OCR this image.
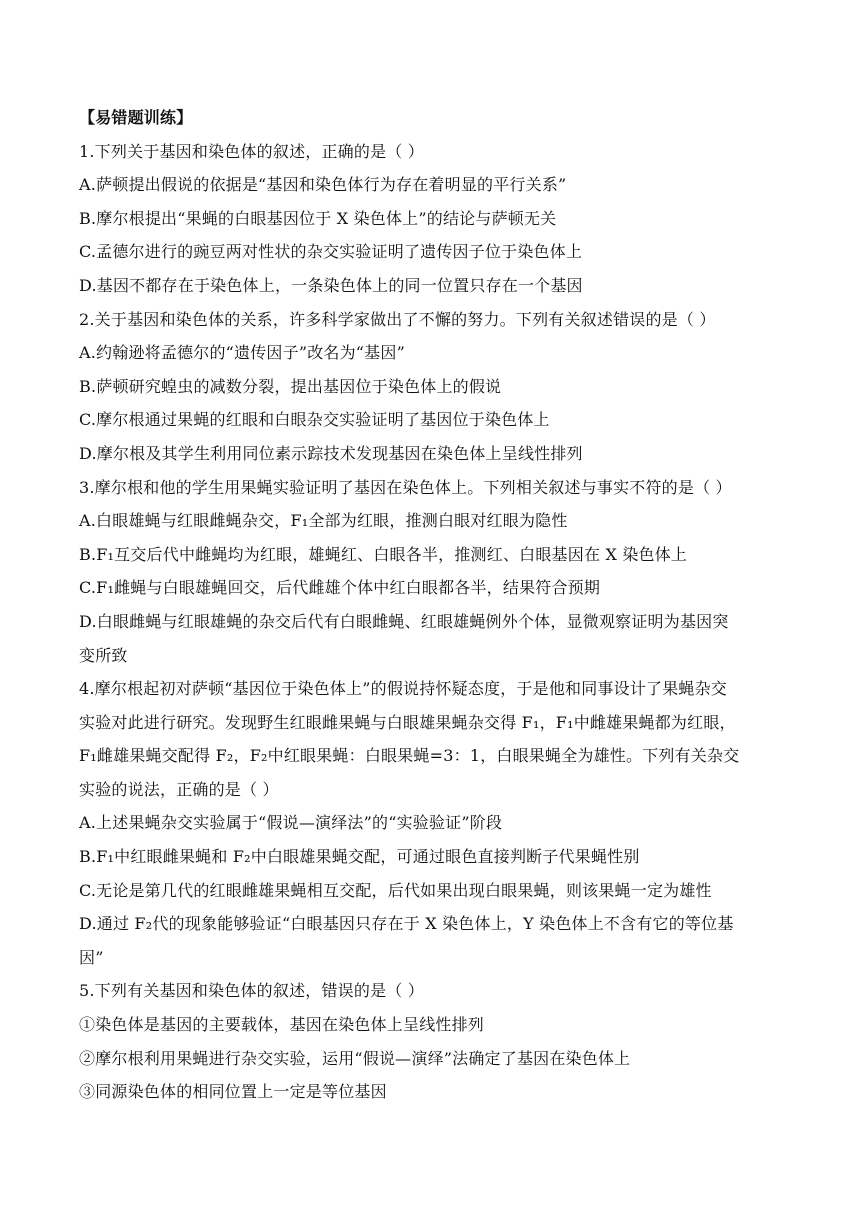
【易错题训练】
1.下列关于基因和染色体的叙述，正确的是（ ）
A.萨顿提出假说的依据是“基因和染色体行为存在着明显的平行关系”
B.摩尔根提出“果蝇的白眼基因位于 X 染色体上”的结论与萨顿无关
C.孟德尔进行的豌豆两对性状的杂交实验证明了遗传因子位于染色体上
D.基因不都存在于染色体上，一条染色体上的同一位置只存在一个基因
2.关于基因和染色体的关系，许多科学家做出了不懈的努力。下列有关叙述错误的是（ ）
A.约翰逊将孟德尔的“遗传因子”改名为“基因”
B.萨顿研究蝗虫的减数分裂，提出基因位于染色体上的假说
C.摩尔根通过果蝇的红眼和白眼杂交实验证明了基因位于染色体上
D.摩尔根及其学生利用同位素示踪技术发现基因在染色体上呈线性排列
3.摩尔根和他的学生用果蝇实验证明了基因在染色体上。下列相关叙述与事实不符的是（ ）
A.白眼雄蝇与红眼雌蝇杂交，F₁全部为红眼，推测白眼对红眼为隐性
B.F₁互交后代中雌蝇均为红眼，雄蝇红、白眼各半，推测红、白眼基因在 X 染色体上
C.F₁雌蝇与白眼雄蝇回交，后代雌雄个体中红白眼都各半，结果符合预期
D.白眼雌蝇与红眼雄蝇的杂交后代有白眼雌蝇、红眼雄蝇例外个体，显微观察证明为基因突
变所致
4.摩尔根起初对萨顿“基因位于染色体上”的假说持怀疑态度，于是他和同事设计了果蝇杂交
实验对此进行研究。发现野生红眼雌果蝇与白眼雄果蝇杂交得 F₁，F₁中雌雄果蝇都为红眼，
F₁雌雄果蝇交配得 F₂，F₂中红眼果蝇：白眼果蝇=3：1，白眼果蝇全为雄性。下列有关杂交
实验的说法，正确的是（ ）
A.上述果蝇杂交实验属于“假说—演绎法”的“实验验证”阶段
B.F₁中红眼雌果蝇和 F₂中白眼雄果蝇交配，可通过眼色直接判断子代果蝇性别
C.无论是第几代的红眼雌雄果蝇相互交配，后代如果出现白眼果蝇，则该果蝇一定为雄性
D.通过 F₂代的现象能够验证“白眼基因只存在于 X 染色体上，Y 染色体上不含有它的等位基
因”
5.下列有关基因和染色体的叙述，错误的是（ ）
①染色体是基因的主要载体，基因在染色体上呈线性排列
②摩尔根利用果蝇进行杂交实验，运用“假说—演绎”法确定了基因在染色体上
③同源染色体的相同位置上一定是等位基因
